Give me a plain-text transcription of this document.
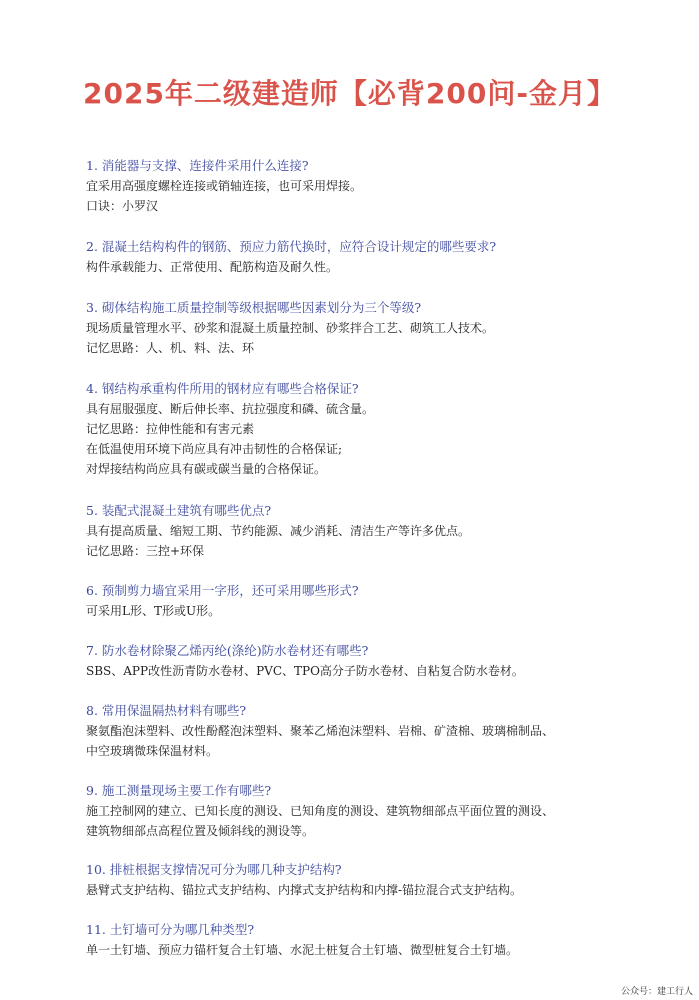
2025年二级建造师【必背200问-金月】
1. 消能器与支撑、连接件采用什么连接?
宜采用高强度螺栓连接或销轴连接，也可采用焊接。
口诀：小罗汉
2. 混凝土结构构件的钢筋、预应力筋代换时，应符合设计规定的哪些要求?
构件承载能力、正常使用、配筋构造及耐久性。
3. 砌体结构施工质量控制等级根据哪些因素划分为三个等级?
现场质量管理水平、砂浆和混凝土质量控制、砂浆拌合工艺、砌筑工人技术。
记忆思路：人、机、料、法、环
4. 钢结构承重构件所用的钢材应有哪些合格保证?
具有屈服强度、断后伸长率、抗拉强度和磷、硫含量。
记忆思路：拉伸性能和有害元素
在低温使用环境下尚应具有冲击韧性的合格保证;
对焊接结构尚应具有碳或碳当量的合格保证。
5. 装配式混凝土建筑有哪些优点?
具有提高质量、缩短工期、节约能源、减少消耗、清洁生产等许多优点。
记忆思路：三控+环保
6. 预制剪力墙宜采用一字形，还可采用哪些形式?
可采用L形、T形或U形。
7. 防水卷材除聚乙烯丙纶(涤纶)防水卷材还有哪些?
SBS、APP改性沥青防水卷材、PVC、TPO高分子防水卷材、自粘复合防水卷材。
8. 常用保温隔热材料有哪些?
聚氨酯泡沫塑料、改性酚醛泡沫塑料、聚苯乙烯泡沫塑料、岩棉、矿渣棉、玻璃棉制品、
中空玻璃微珠保温材料。
9. 施工测量现场主要工作有哪些?
施工控制网的建立、已知长度的测设、已知角度的测设、建筑物细部点平面位置的测设、
建筑物细部点高程位置及倾斜线的测设等。
10. 排桩根据支撑情况可分为哪几种支护结构?
悬臂式支护结构、锚拉式支护结构、内撑式支护结构和内撑-锚拉混合式支护结构。
11. 土钉墙可分为哪几种类型?
单一土钉墙、预应力锚杆复合土钉墙、水泥土桩复合土钉墙、微型桩复合土钉墙。
公众号：建工行人
